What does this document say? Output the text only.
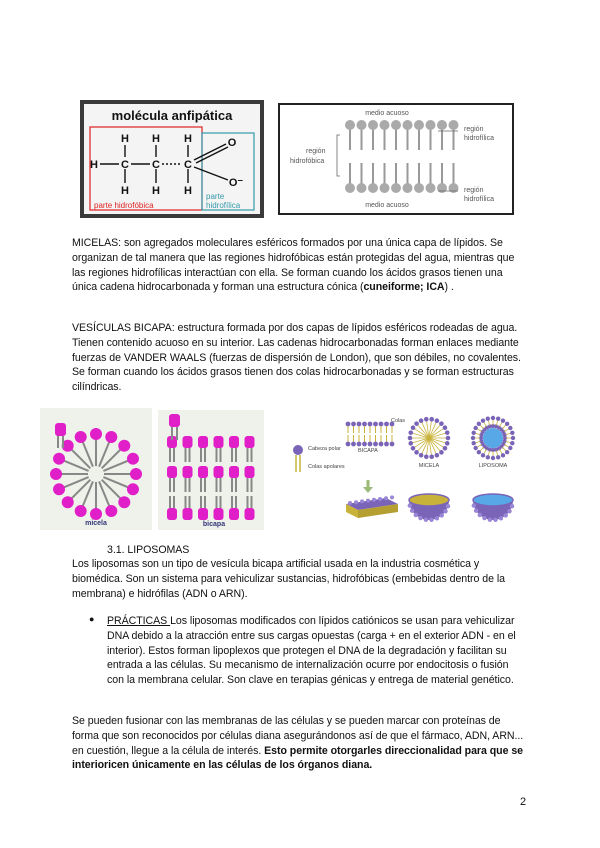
molécula anfipática
H C C C
H H H
H H H
O
O⁻
parte hidrofóbica
parte
hidrofílica
medio acuoso
medio acuoso
región
hidrofóbica
región
hidrofílica
región
hidrofílica

MICELAS: son agregados moleculares esféricos formados por una única capa de lípidos. Se organizan de tal manera que las regiones hidrofóbicas están protegidas del agua, mientras que las regiones hidrofílicas interactúan con ella. Se forman cuando los ácidos grasos tienen una única cadena hidrocarbonada y forman una estructura cónica (cuneiforme; ICA) .

VESÍCULAS BICAPA: estructura formada por dos capas de lípidos esféricos rodeadas de agua. Tienen contenido acuoso en su interior. Las cadenas hidrocarbonadas forman enlaces mediante fuerzas de VANDER WAALS (fuerzas de dispersión de London), que son débiles, no covalentes. Se forman cuando los ácidos grasos tienen dos colas hidrocarbonadas y se forman estructuras cilíndricas.

micela	bicapa
Cabeza polar
Colas apolares
Colas
BICAPA
MICELA	LIPOSOMA

3.1. LIPOSOMAS

Los liposomas son un tipo de vesícula bicapa artificial usada en la industria cosmética y biomédica. Son un sistema para vehiculizar sustancias, hidrofóbicas (embebidas dentro de la membrana) e hidrófilas (ADN o ARN).

● PRÁCTICAS Los liposomas modificados con lípidos catiónicos se usan para vehiculizar DNA debido a la atracción entre sus cargas opuestas (carga + en el exterior ADN - en el interior). Estos forman lipoplexos que protegen el DNA de la degradación y facilitan su entrada a las células. Su mecanismo de internalización ocurre por endocitosis o fusión con la membrana celular. Son clave en terapias génicas y entrega de material genético.

Se pueden fusionar con las membranas de las células y se pueden marcar con proteínas de forma que son reconocidos por células diana asegurándonos así de que el fármaco, ADN, ARN... en cuestión, llegue a la célula de interés. Esto permite otorgarles direccionalidad para que se interioricen únicamente en las células de los órganos diana.

2
